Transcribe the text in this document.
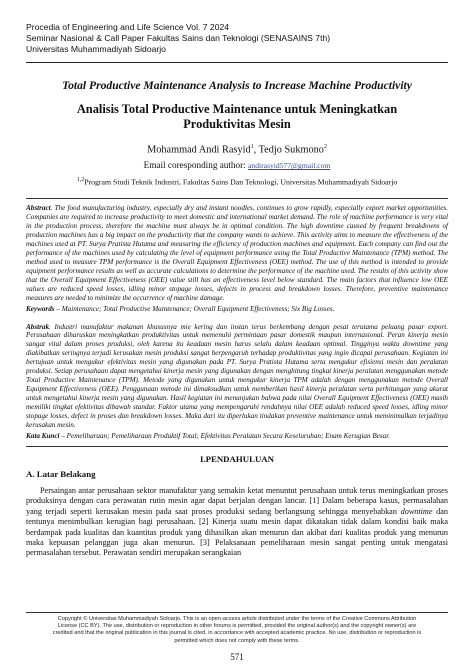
Procedia of Engineering and Life Science Vol. 7 2024
Seminar Nasional & Call Paper Fakultas Sains dan Teknologi (SENASAINS 7th)
Universitas Muhammadiyah Sidoarjo
Total Productive Maintenance Analysis to Increase Machine Productivity
Analisis Total Productive Maintenance untuk Meningkatkan Produktivitas Mesin
Mohammad Andi Rasyid$^1$, Tedjo Sukmono$^2$
Email coresponding author: andirasyid577@gmail.com
$^{1,2}$Program Studi Teknik Industri, Fakultas Sains Dan Teknologi, Universitas Muhammadiyah Sidoarjo
Abstract. The food manufacturing industry, especially dry and instant noodles, continues to grow rapidly, especially export market opportunities. Companies are required to increase productivity to meet domestic and international market demand. The role of machine performance is very vital in the production process, therefore the machine must always be in optimal condition. The high downtime caused by frequent breakdowns of production machines has a big impact on the productivity that the company wants to achieve. This activity aims to measure the effectiveness of the machines used at PT. Surya Pratista Hutama and measuring the efficiency of production machines and equipment. Each company can find out the performance of the machines used by calculating the level of equipment performance using the Total Productive Maintenance (TPM) method. The method used to measure TPM performance is the Overall Equipment Effectiveness (OEE) method. The use of this method is intended to provide equipment performance results as well as accurate calculations to determine the performance of the machine used. The results of this activity show that the Overall Equipment Effectiveness (OEE) value still has an effectiveness level below standard. The main factors that influence low OEE values are reduced speed losses, idling minor stopage losses, defects in process and breakdown losses. Therefore, preventive maintenance measures are needed to minimize the occurrence of machine damage.
Keywords – Maintenance; Total Productive Maintenance; Overall Equipment Effectiveness; Six Big Losses.
Abstrak. Industri manufaktur makanan khususnya mie kering dan instan terus berkembang dengan pesat terutama peluang pasar export. Perusahaan diharuskan meningkatkan produktivitas untuk memenuhi permintaan pasar domestik maupun internasional. Peran kinerja mesin sangat vital dalam proses produksi, oleh karena itu keadaan mesin harus selalu dalam keadaan optimal. Tingginya waktu downtime yang diakibatkan seringnya terjadi kerusakan mesin produksi sangat berpengaruh terhadap produktivitas yang ingin dicapai perusahaan. Kegiatan ini bertujuan untuk mengukur efektivitas mesin yang digunakan pada PT. Surya Pratista Hutama serta mengukur efisiensi mesin dan peralatan produksi. Setiap perusahaan dapat mengetahui kinerja mesin yang digunakan dengan menghitung tingkat kinerja peralatan menggunakan metode Total Productive Maintenance (TPM). Metode yang digunakan untuk mengukur kinerja TPM adalah dengan menggunakan metode Overall Equipment Effectiveness (OEE). Penggunaan metode ini dimaksudkan untuk memberikan hasil kinerja peralatan serta perhitungan yang akurat untuk mengetahui kinerja mesin yang digunakan. Hasil kegiatan ini menunjukan bahwa pada nilai Overall Equipment Effectiveness (OEE) masih memiliki tingkat efektivitas dibawah standar. Faktor utama yang mempengaruhi rendahnya nilai OEE adalah reduced speed losses, idling minor stopage losses, defect in proses dan breakdown losses. Maka dari itu diperlukan tindakan preventive maintenance untuk meminimalkan terjadinya kerusakan mesin.
Kata Kunci – Pemeliharaan; Pemeliharaan Produktif Total; Efektivitas Peralatan Secara Keseluruhan; Enam Kerugian Besar.
I.PENDAHULUAN
A. Latar Belakang
Persaingan antar perusahaan sektor manufaktur yang semakin ketat menuntut perusahaan untuk terus meningkatkan proses produksinya dengan cara perawatan rutin mesin agar dapat berjalan dengan lancar. [1] Dalam beberapa kasus, permasalahan yang terjadi seperti kerusakan mesin pada saat proses produksi sedang berlangsung sehingga menyebabkan downtime dan tentunya menimbulkan kerugian bagi perusahaan. [2] Kinerja suatu mesin dapat dikatakan tidak dalam kondisi baik maka berdampak pada kualitas dan kuantitas produk yang dihasilkan akan menurun dan akibat dari kualitas produk yang menurun maka kepuasan pelanggan juga akan menurun. [3] Pelaksanaan pemeliharaan mesin sangat penting untuk mengatasi permasalahan tersebut. Perawatan sendiri merupakan serangkaian
Copyright © Universitas Muhammadiyah Sidoarjo. This is an open-access article distributed under the terms of the Creative Commons Attribution License (CC BY). The use, distribution or reproduction in other forums is permitted, provided the original author(s) and the copyright owner(s) are credited and that the original publication in this journal is cited, in accordance with accepted academic practice. No use, distribution or reproduction is permitted which does not comply with these terms.
571
